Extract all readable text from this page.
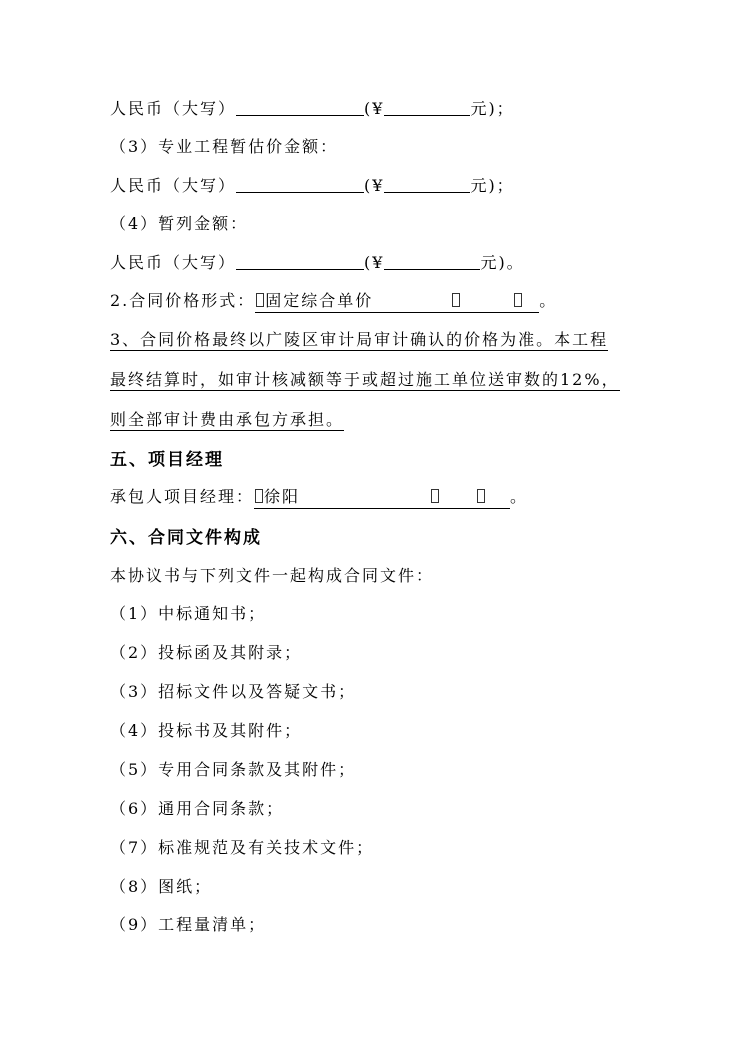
人民币（大写）	(¥	元)；
（3）专业工程暂估价金额：
人民币（大写）	(¥	元)；
（4）暂列金额：
人民币（大写）	(¥	元)。
2.合同价格形式： 固定综合单价	。
3、合同价格最终以广陵区审计局审计确认的价格为准。本工程
最终结算时，如审计核减额等于或超过施工单位送审数的12%，
则全部审计费由承包方承担。
五、项目经理
承包人项目经理： 徐阳	。
六、合同文件构成
本协议书与下列文件一起构成合同文件：
（1）中标通知书；
（2）投标函及其附录；
（3）招标文件以及答疑文书；
（4）投标书及其附件；
（5）专用合同条款及其附件；
（6）通用合同条款；
（7）标准规范及有关技术文件；
（8）图纸；
（9）工程量清单；
